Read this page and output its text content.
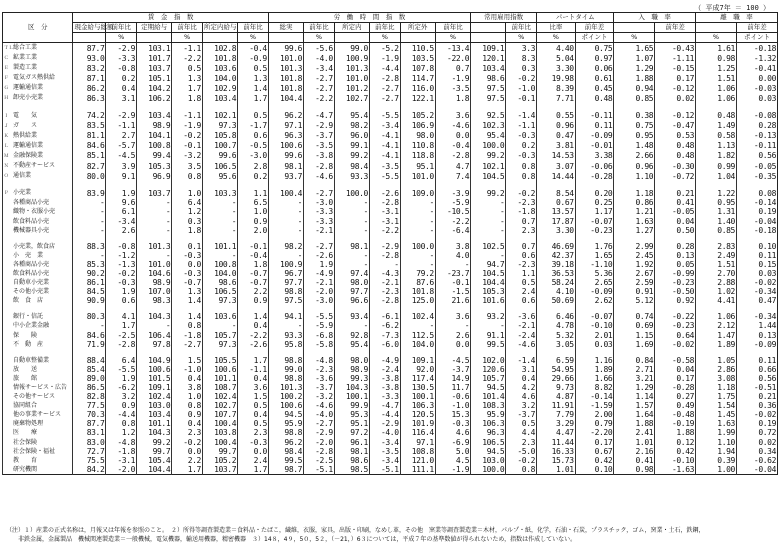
（ 平成7年 ＝ 100 ）
区　分	賃　金　指　数						労　働　時　間　指　数						常用雇用指数		パートタイム		入　職　率		離　職　率	
	現金給与総額	前年比	定期給与	前年比	所定内給与	前年比	総実	前年比	所定内	前年比	所定外	前年比		前年比	比率	前年差		前年差		前年差
		%		%		%		%		%		%		%	%	ポイント	%		%	ポイント
ＴＬ総合工業	87.7	-2.9	103.1	-1.1	102.8	-0.4	99.6	-5.6	99.0	-5.2	110.5	-13.4	109.1	3.3	4.40	0.75	1.65	-0.43	1.61	-0.18
Ｃ 鉱業工業	93.0	-3.3	101.7	-2.2	101.8	-0.9	101.0	-4.0	100.9	-1.9	103.5	-22.0	120.1	8.3	5.04	0.97	1.07	-1.11	0.98	-1.32
Ｅ 製造工業	83.2	-0.8	103.7	0.5	103.6	0.5	101.3	-3.4	101.3	-4.4	107.8	0.7	103.4	0.3	3.30	0.06	1.29	-0.15	1.25	-0.41
Ｆ 電気ガス熱供給	87.1	0.2	105.1	1.3	104.0	1.3	101.8	-2.7	101.0	-2.8	114.7	-1.9	98.6	-0.2	19.98	0.61	1.88	0.17	1.51	0.00
Ｇ 運輸通信業	86.2	0.4	104.2	1.7	102.9	1.4	101.8	-2.7	101.2	-2.7	116.0	-3.5	97.5	-1.0	8.39	0.45	0.94	-0.12	1.06	-0.03
Ｈ 卸売小売業	86.3	3.1	106.2	1.8	103.4	1.7	104.4	-2.2	102.7	-2.7	122.1	1.8	97.5	-0.1	7.71	0.48	0.85	0.02	1.06	0.03

Ｉ 電　　気	74.2	-2.9	103.4	-1.1	102.1	0.5	96.2	-4.7	95.4	-5.5	105.2	3.6	92.5	-1.4	0.55	-0.11	0.38	-0.12	0.48	-0.08
Ｊ ガ　　ス	83.5	-1.1	98.9	-1.9	97.3	-1.7	97.1	-2.9	98.2	-3.4	106.9	-4.6	102.3	-1.1	0.96	0.11	0.75	-0.47	1.49	0.28
Ｋ 熱供給業	81.1	2.7	104.1	-0.2	105.8	0.6	96.3	-3.7	96.0	-4.1	98.0	0.0	95.4	-0.3	0.47	-0.09	0.95	0.53	0.58	-0.13
Ｌ 運輸通信業	84.6	-5.7	100.8	-0.1	100.7	-0.5	100.6	-3.5	99.1	-4.1	110.8	-0.4	100.0	0.2	3.81	-0.01	1.48	0.48	1.13	-0.11
Ｍ 金融保険業	85.1	-4.5	99.4	-3.2	99.6	-3.0	99.6	-3.8	99.2	-4.1	118.8	-2.8	99.2	-0.3	14.53	3.38	2.66	0.48	1.82	0.56
Ｎ 不動産サービス	82.7	3.9	105.3	3.5	106.5	2.8	98.1	-2.8	98.4	-3.5	95.1	4.7	102.1	0.8	3.07	-0.06	0.96	-0.30	0.99	-0.05
Ｏ 通信業	80.0	9.1	96.9	0.8	95.6	0.2	93.7	-4.6	93.3	-5.5	101.0	7.4	104.5	0.8	14.44	-0.28	1.10	-0.72	1.04	-0.35

Ｐ 小売業	83.9	1.9	103.7	1.0	103.3	1.1	100.4	-2.7	100.0	-2.6	109.0	-3.9	99.2	-0.2	8.54	0.20	1.18	0.21	1.22	0.08
各種商品小売	-	9.6	-	6.4	-	6.5	-	-3.0	-	-2.8	-	-5.9	-	-2.3	0.67	0.25	0.86	0.41	0.95	-0.14
織物・衣服小売	-	6.1	-	1.2	-	1.0	-	-3.3	-	-3.1	-	-10.5	-	-1.8	13.57	1.17	1.21	-0.05	1.31	0.19
飲食料品小売	-	-3.4	-	0.3	-	0.9	-	-3.3	-	-3.1	-	-2.2	-	0.7	17.87	-0.07	1.63	0.04	1.40	-0.04
機械器具小売	-	2.6	-	1.8	-	2.0	-	-2.1	-	-2.2	-	-6.4	-	2.3	3.30	-0.23	1.27	0.50	0.85	-0.18

小売業，飲食店	88.3	-0.8	101.3	0.1	101.1	-0.1	98.2	-2.7	98.1	-2.9	100.0	3.8	102.5	0.7	46.69	1.76	2.99	0.28	2.83	0.10
小　売　業	-	-1.2	-	-0.3	-	-0.4	-	-2.6	-	-2.8	-	4.0	-	0.6	42.37	1.65	2.45	0.13	2.49	0.11
各種商品小売	85.3	-1.3	101.0	0.0	100.8	1.8	100.9	1.9	-	-	-	-	94.7	-2.3	39.18	-1.10	1.92	0.05	1.51	0.15
飲食料品小売	90.2	-0.2	104.6	-0.3	104.0	-0.7	96.7	-4.9	97.4	-4.3	79.2	-23.7	104.5	1.1	36.53	5.36	2.67	-0.99	2.70	0.03
自動車小売業	86.1	-0.3	98.9	-0.7	98.6	-0.7	97.7	-2.1	98.0	-2.1	87.6	-0.1	104.4	0.5	58.24	2.65	2.59	-0.23	2.88	-0.02
その他小売業	84.5	1.9	107.0	1.3	106.5	2.2	98.8	-2.0	97.7	-2.3	101.8	-1.5	105.3	2.4	4.10	-0.09	0.91	-0.50	1.02	-0.34
飲　食　店	90.9	0.6	98.3	1.4	97.3	0.9	97.5	-3.0	96.6	-2.8	125.0	21.6	101.6	0.6	50.69	2.62	5.12	0.92	4.41	0.47

銀行・信託	80.3	4.1	104.3	1.4	103.6	1.4	94.1	-5.5	93.4	-6.1	102.4	3.6	93.2	-3.6	6.46	-0.07	0.74	-0.22	1.06	-0.34
中小企業金融	-	1.7	-	0.8	-	0.4	-	-5.9	-	-6.2	-	-	-	-2.1	4.78	-0.10	0.69	-0.23	2.12	1.44
保　　険	84.6	-2.5	106.4	-1.8	105.7	-2.2	93.3	-6.8	92.8	-7.3	112.5	2.6	91.1	-2.4	5.32	2.01	1.15	0.64	1.47	0.13
不　動　産	71.9	-2.8	97.8	-2.7	97.3	-2.6	95.8	-5.8	95.4	-6.0	104.0	0.0	99.5	-4.6	3.05	0.03	1.69	-0.02	1.89	-0.09

自動車整備業	88.4	6.4	104.9	1.5	105.5	1.7	98.8	-4.8	98.0	-4.9	109.1	-4.5	102.0	-1.4	6.59	1.16	0.84	-0.58	1.05	0.11
放　　送	85.4	-5.5	100.6	-1.0	100.6	-1.1	99.0	-2.3	98.9	-2.4	92.0	-3.7	120.6	3.1	54.95	1.89	2.71	0.04	2.86	0.66
旅　　館	89.0	1.9	101.5	0.4	101.1	0.4	98.8	-3.6	99.3	-3.8	117.4	14.9	105.7	0.4	29.66	1.66	3.21	0.17	3.08	0.56
情報サービス・広告	86.5	-6.2	109.1	3.8	108.7	3.6	101.3	-3.7	104.3	-3.8	130.5	11.7	94.5	4.2	9.73	8.82	1.29	-0.28	1.18	-0.51
その他サービス	82.8	3.2	102.4	1.0	102.4	1.5	100.2	-3.2	100.1	-3.3	100.1	-0.6	101.4	4.6	4.87	-0.14	1.14	0.27	1.75	0.21
協同組合	77.5	0.9	103.0	0.8	102.7	0.5	100.6	-4.6	99.9	-4.7	106.3	-1.0	108.3	3.2	11.91	-1.59	1.57	0.49	1.54	0.36
他の事業サービス	70.3	-4.4	103.4	0.9	107.7	0.4	94.5	-4.0	95.3	-4.4	120.5	15.3	95.9	-3.7	7.79	2.00	1.64	-0.48	1.45	-0.02
廃棄物処理	87.7	0.8	101.1	0.4	100.4	0.5	95.9	-2.7	95.1	-2.9	101.9	-0.3	106.3	0.5	3.29	0.79	1.88	-0.19	1.63	0.19
医　　療	83.1	1.2	104.3	2.3	103.8	2.3	98.8	-2.9	97.2	-4.0	116.4	4.6	96.3	4.4	4.47	-2.20	2.41	1.88	1.99	0.72
社会保険	83.0	-4.8	99.2	-0.2	100.4	-0.3	96.2	-2.0	96.1	-3.4	97.1	-6.9	106.5	2.3	11.44	0.17	1.01	0.12	1.10	0.02
社会保険・福祉	72.7	-1.8	99.7	0.0	99.7	0.0	98.4	-2.8	98.1	-3.5	108.8	5.0	94.5	-5.0	16.33	0.67	2.16	0.42	1.94	0.34
教　　育	75.5	-3.1	105.4	2.2	105.2	2.4	99.5	-2.5	98.6	-3.4	121.0	4.5	103.0	-0.2	15.73	0.42	0.41	-0.10	0.39	-0.62
研究機関	84.2	-2.0	104.4	1.7	103.7	1.7	98.7	-5.1	98.5	-5.1	111.1	-1.9	100.0	0.8	1.01	0.10	0.98	-1.63	1.00	-0.04
（注）１）産業の正式名称は，月報又は年報を参照のこと。　２）所得等調査製造業＝食料品・たばこ，繊維，衣服，家具，出版・印刷，なめし革，その他　窯業等調査製造業＝木材，パルプ・紙，化学，石油・石炭，プラスチック，ゴム，窯業・土石，鉄鋼，
　　非鉄金属，金属製品　機械関連製造業＝一般機械，電気機器，輸送用機器，精密機器　３）14８，4９，5０，5２，（－21，）6３については，平成７年の基準数値が得られないため，指数は作成していない。
